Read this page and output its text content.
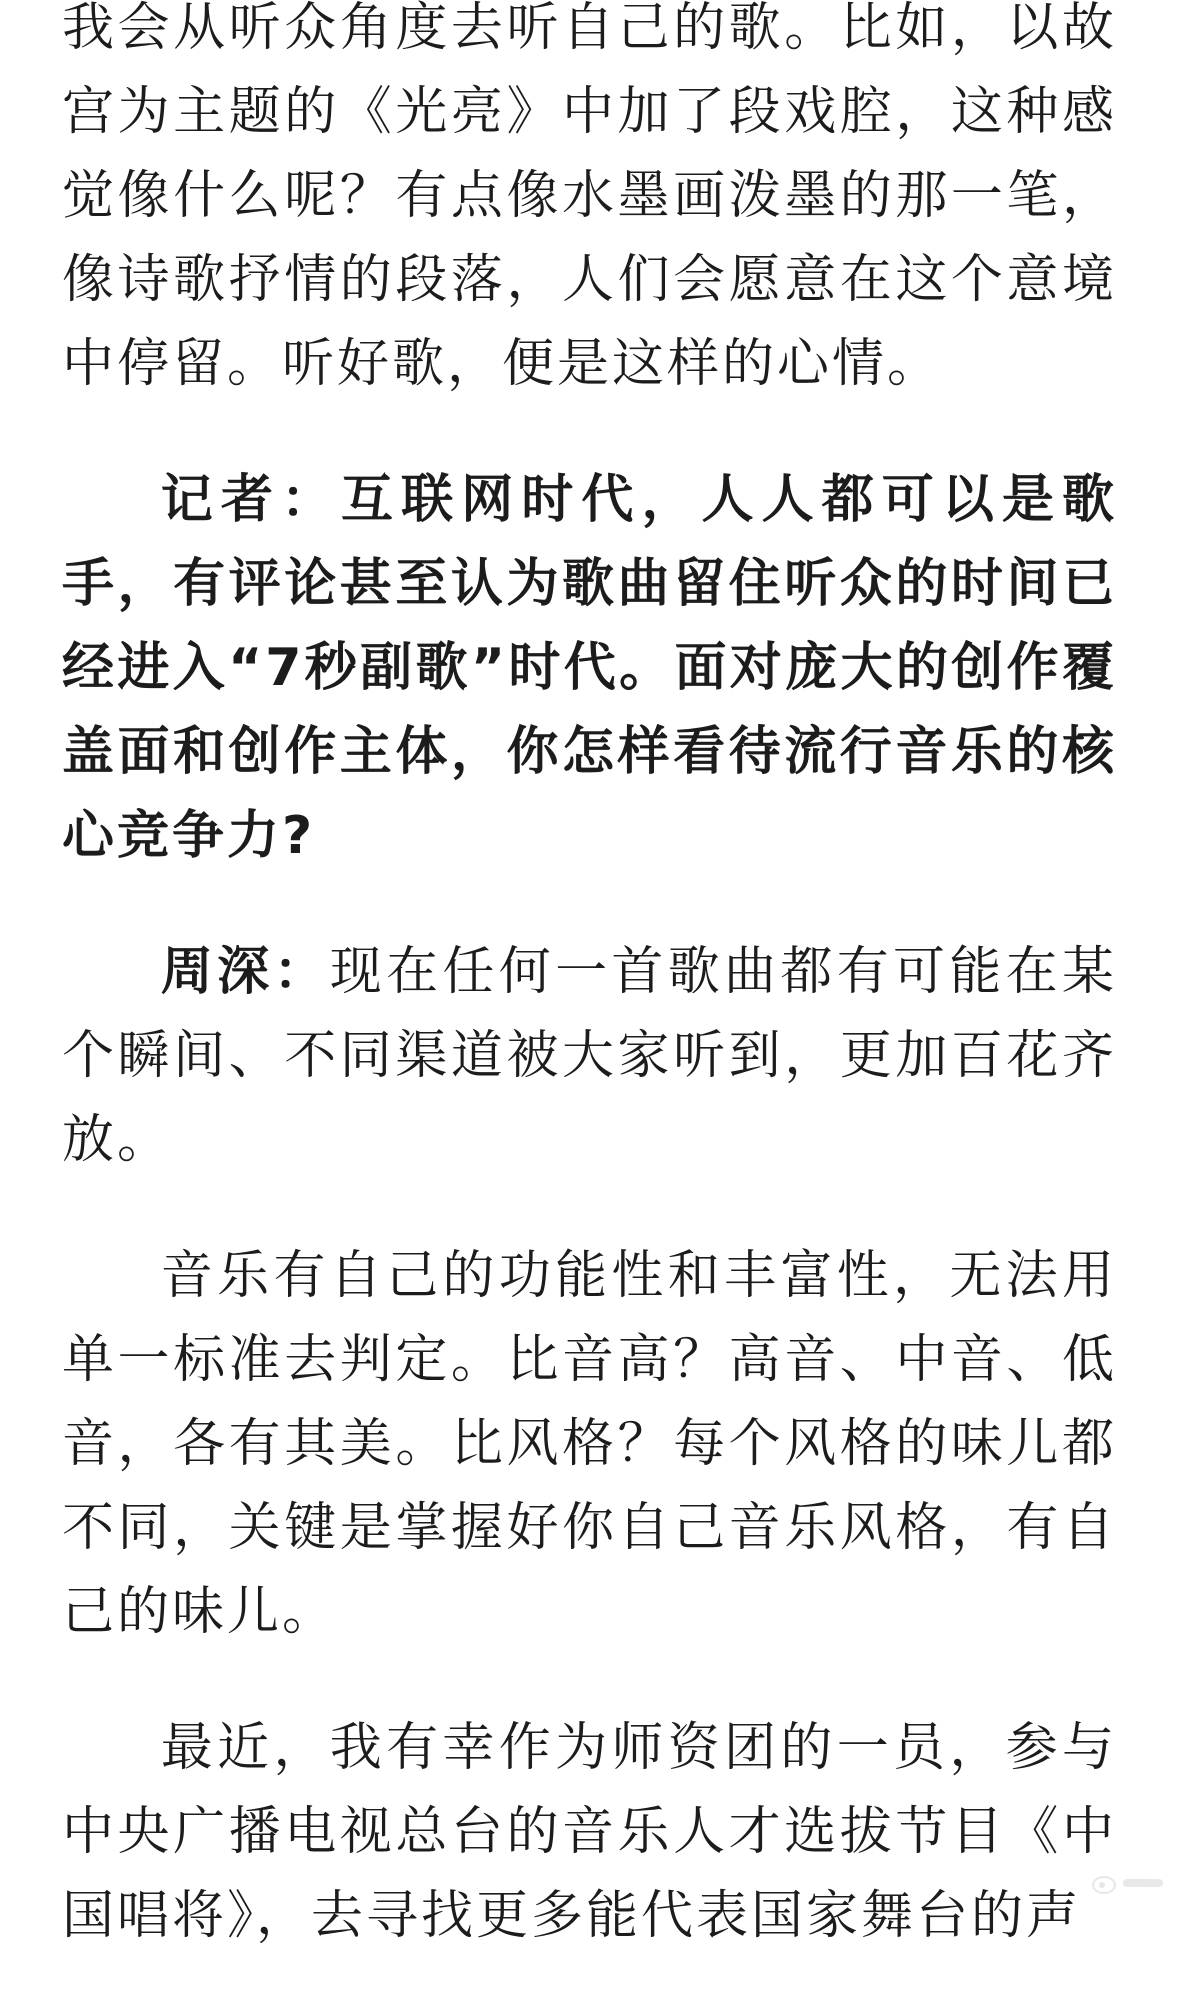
我会从听众角度去听自己的歌。比如，以故宫为主题的《光亮》中加了段戏腔，这种感觉像什么呢？有点像水墨画泼墨的那一笔，像诗歌抒情的段落，人们会愿意在这个意境中停留。听好歌，便是这样的心情。

记者：互联网时代，人人都可以是歌手，有评论甚至认为歌曲留住听众的时间已经进入“7秒副歌”时代。面对庞大的创作覆盖面和创作主体，你怎样看待流行音乐的核心竞争力?

周深：现在任何一首歌曲都有可能在某个瞬间、不同渠道被大家听到，更加百花齐放。

音乐有自己的功能性和丰富性，无法用单一标准去判定。比音高？高音、中音、低音，各有其美。比风格？每个风格的味儿都不同，关键是掌握好你自己音乐风格，有自己的味儿。

最近，我有幸作为师资团的一员，参与中央广播电视总台的音乐人才选拔节目《中国唱将》，去寻找更多能代表国家舞台的声
